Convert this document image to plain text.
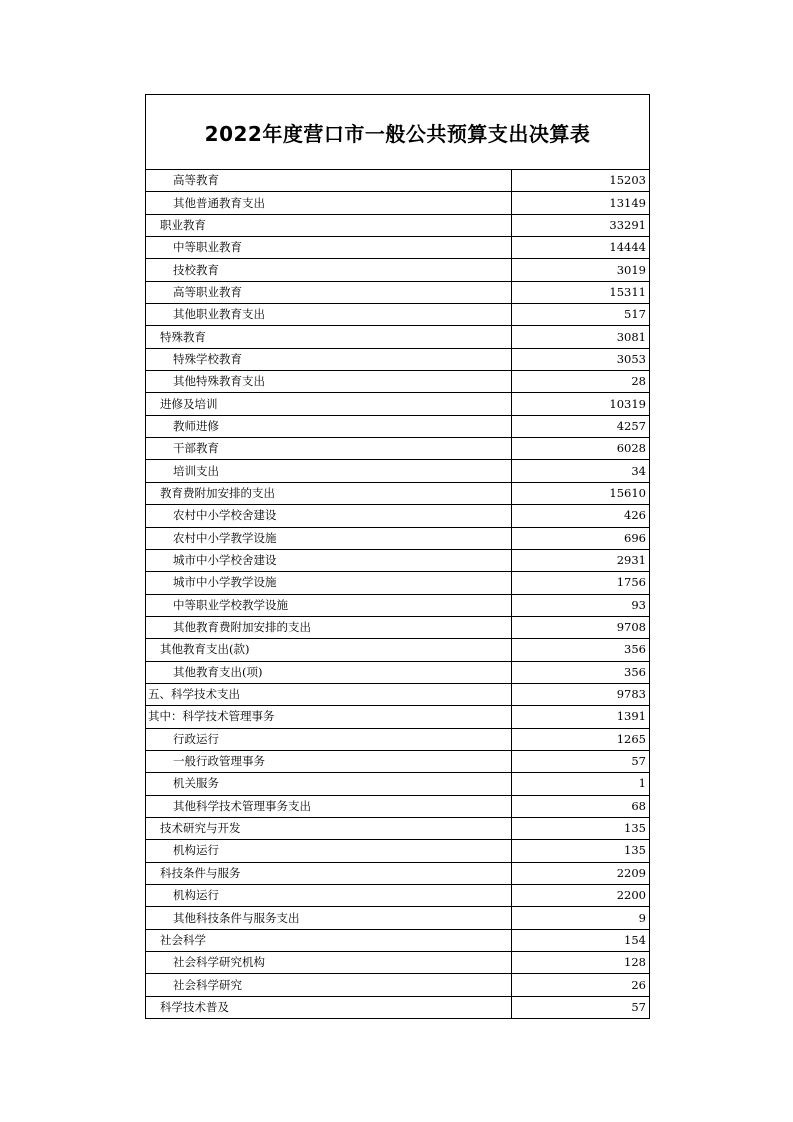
2022年度营口市一般公共预算支出决算表
高等教育	15203
其他普通教育支出	13149
职业教育	33291
中等职业教育	14444
技校教育	3019
高等职业教育	15311
其他职业教育支出	517
特殊教育	3081
特殊学校教育	3053
其他特殊教育支出	28
进修及培训	10319
教师进修	4257
干部教育	6028
培训支出	34
教育费附加安排的支出	15610
农村中小学校舍建设	426
农村中小学教学设施	696
城市中小学校舍建设	2931
城市中小学教学设施	1756
中等职业学校教学设施	93
其他教育费附加安排的支出	9708
其他教育支出(款)	356
其他教育支出(项)	356
五、科学技术支出	9783
其中：科学技术管理事务	1391
行政运行	1265
一般行政管理事务	57
机关服务	1
其他科学技术管理事务支出	68
技术研究与开发	135
机构运行	135
科技条件与服务	2209
机构运行	2200
其他科技条件与服务支出	9
社会科学	154
社会科学研究机构	128
社会科学研究	26
科学技术普及	57
